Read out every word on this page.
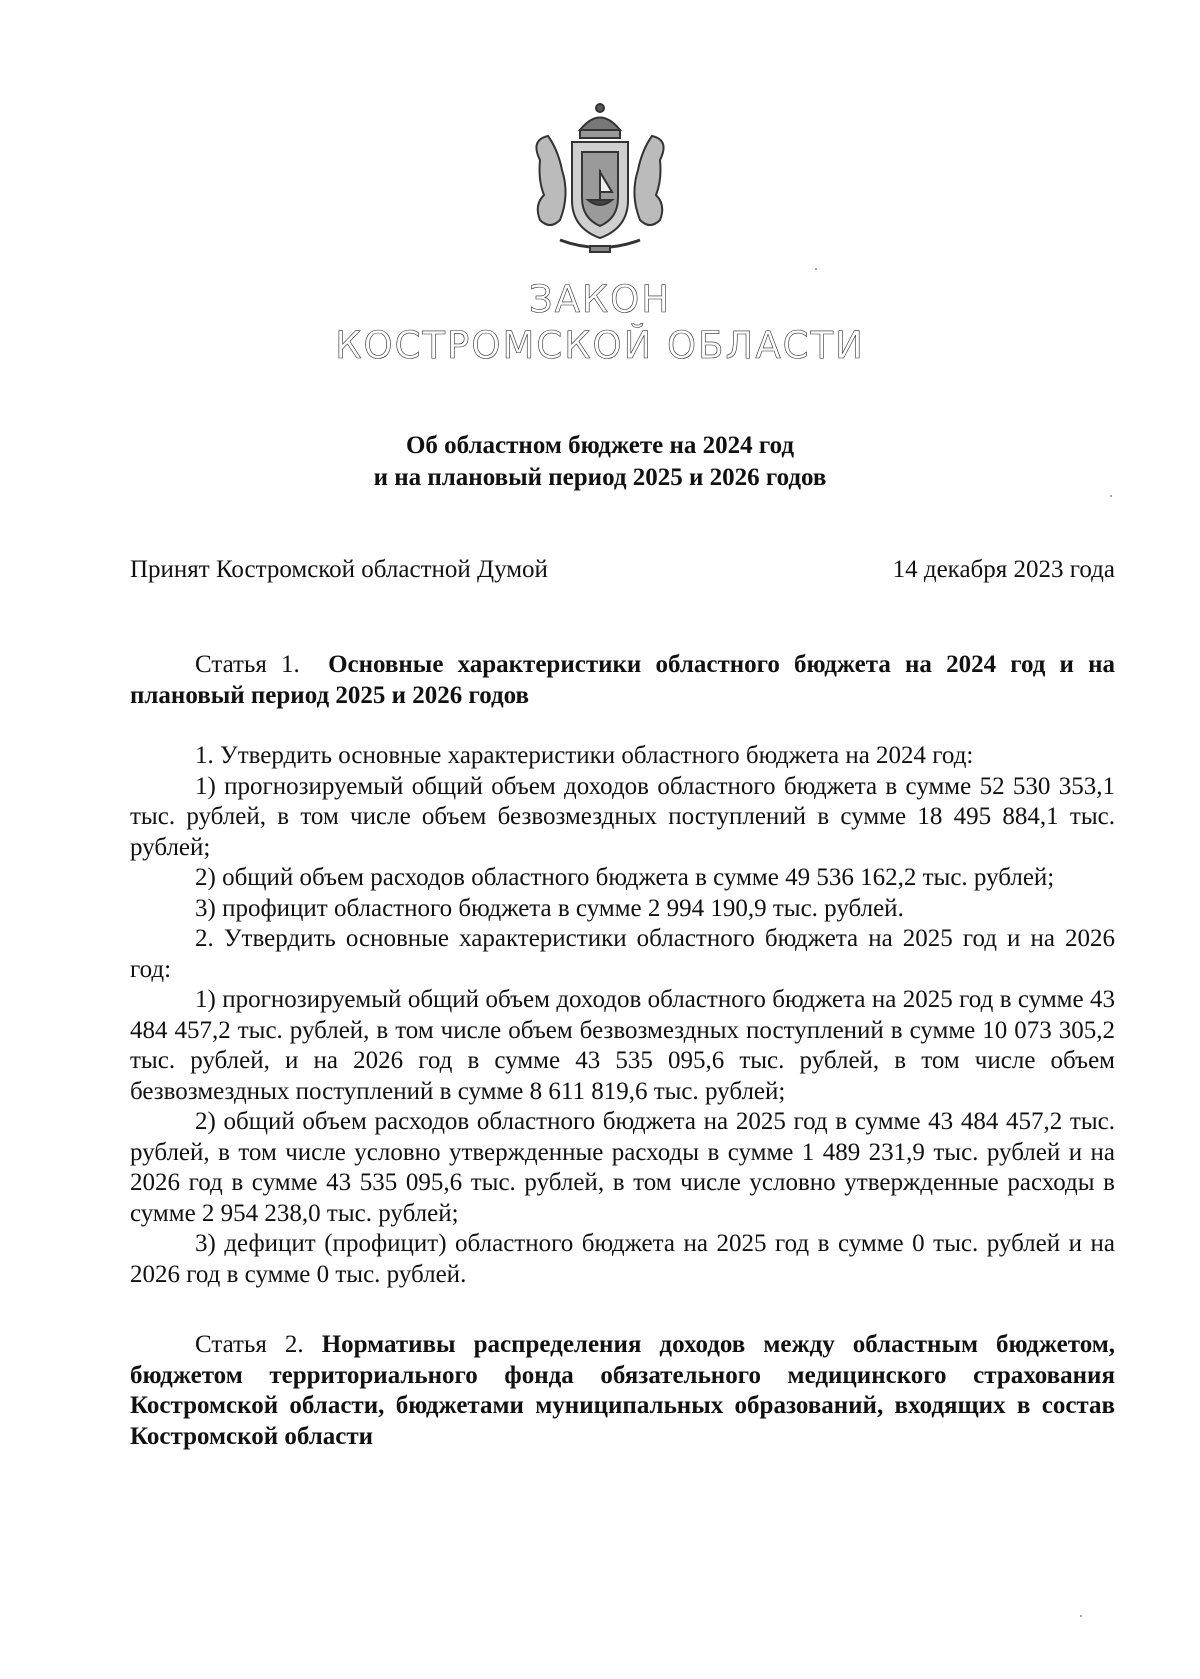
ЗАКОН
КОСТРОМСКОЙ ОБЛАСТИ
Об областном бюджете на 2024 год
и на плановый период 2025 и 2026 годов
Принят Костромской областной Думой	14 декабря 2023 года

Статья 1. Основные характеристики областного бюджета на 2024 год и на плановый период 2025 и 2026 годов

1. Утвердить основные характеристики областного бюджета на 2024 год:

1) прогнозируемый общий объем доходов областного бюджета в сумме 52 530 353,1 тыс. рублей, в том числе объем безвозмездных поступлений в сумме 18 495 884,1 тыс. рублей;

2) общий объем расходов областного бюджета в сумме 49 536 162,2 тыс. рублей;

3) профицит областного бюджета в сумме 2 994 190,9 тыс. рублей.

2. Утвердить основные характеристики областного бюджета на 2025 год и на 2026 год:

1) прогнозируемый общий объем доходов областного бюджета на 2025 год в сумме 43 484 457,2 тыс. рублей, в том числе объем безвозмездных поступлений в сумме 10 073 305,2 тыс. рублей, и на 2026 год в сумме 43 535 095,6 тыс. рублей, в том числе объем безвозмездных поступлений в сумме 8 611 819,6 тыс. рублей;

2) общий объем расходов областного бюджета на 2025 год в сумме 43 484 457,2 тыс. рублей, в том числе условно утвержденные расходы в сумме 1 489 231,9 тыс. рублей и на 2026 год в сумме 43 535 095,6 тыс. рублей, в том числе условно утвержденные расходы в сумме 2 954 238,0 тыс. рублей;

3) дефицит (профицит) областного бюджета на 2025 год в сумме 0 тыс. рублей и на 2026 год в сумме 0 тыс. рублей.

Статья 2. Нормативы распределения доходов между областным бюджетом, бюджетом территориального фонда обязательного медицинского страхования Костромской области, бюджетами муниципальных образований, входящих в состав Костромской области
